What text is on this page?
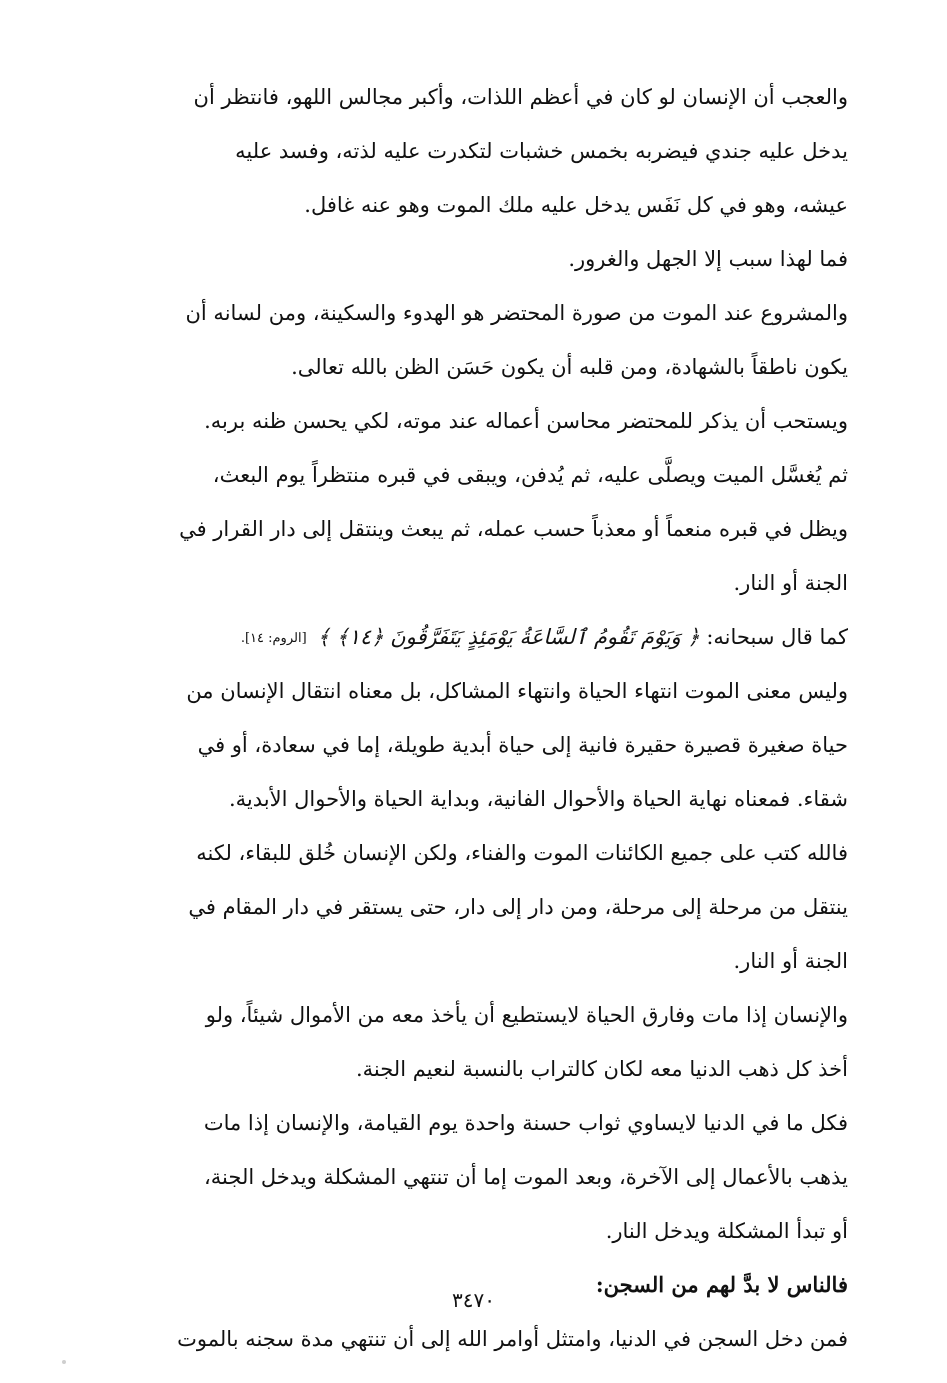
والعجب أن الإنسان لو كان في أعظم اللذات، وأكبر مجالس اللهو، فانتظر أن
يدخل عليه جندي فيضربه بخمس خشبات لتكدرت عليه لذته، وفسد عليه
عيشه، وهو في كل نَفَس يدخل عليه ملك الموت وهو عنه غافل.
فما لهذا سبب إلا الجهل والغرور.
والمشروع عند الموت من صورة المحتضر هو الهدوء والسكينة، ومن لسانه أن
يكون ناطقاً بالشهادة، ومن قلبه أن يكون حَسَن الظن بالله تعالى.
ويستحب أن يذكر للمحتضر محاسن أعماله عند موته، لكي يحسن ظنه بربه.
ثم يُغسَّل الميت ويصلَّى عليه، ثم يُدفن، ويبقى في قبره منتظراً يوم البعث،
ويظل في قبره منعماً أو معذباً حسب عمله، ثم يبعث وينتقل إلى دار القرار في
الجنة أو النار.
كما قال سبحانه: ﴿ وَيَوْمَ تَقُومُ ٱلسَّاعَةُ يَوْمَئِذٍ يَتَفَرَّقُونَ ﴿١٤﴾ ﴾ [الروم: ١٤].
وليس معنى الموت انتهاء الحياة وانتهاء المشاكل، بل معناه انتقال الإنسان من
حياة صغيرة قصيرة حقيرة فانية إلى حياة أبدية طويلة، إما في سعادة، أو في
شقاء. فمعناه نهاية الحياة والأحوال الفانية، وبداية الحياة والأحوال الأبدية.
فالله كتب على جميع الكائنات الموت والفناء، ولكن الإنسان خُلق للبقاء، لكنه
ينتقل من مرحلة إلى مرحلة، ومن دار إلى دار، حتى يستقر في دار المقام في
الجنة أو النار.
والإنسان إذا مات وفارق الحياة لايستطيع أن يأخذ معه من الأموال شيئاً، ولو
أخذ كل ذهب الدنيا معه لكان كالتراب بالنسبة لنعيم الجنة.
فكل ما في الدنيا لايساوي ثواب حسنة واحدة يوم القيامة، والإنسان إذا مات
يذهب بالأعمال إلى الآخرة، وبعد الموت إما أن تنتهي المشكلة ويدخل الجنة،
أو تبدأ المشكلة ويدخل النار.
فالناس لا بدَّ لهم من السجن:
فمن دخل السجن في الدنيا، وامتثل أوامر الله إلى أن تنتهي مدة سجنه بالموت
٣٤٧٠
